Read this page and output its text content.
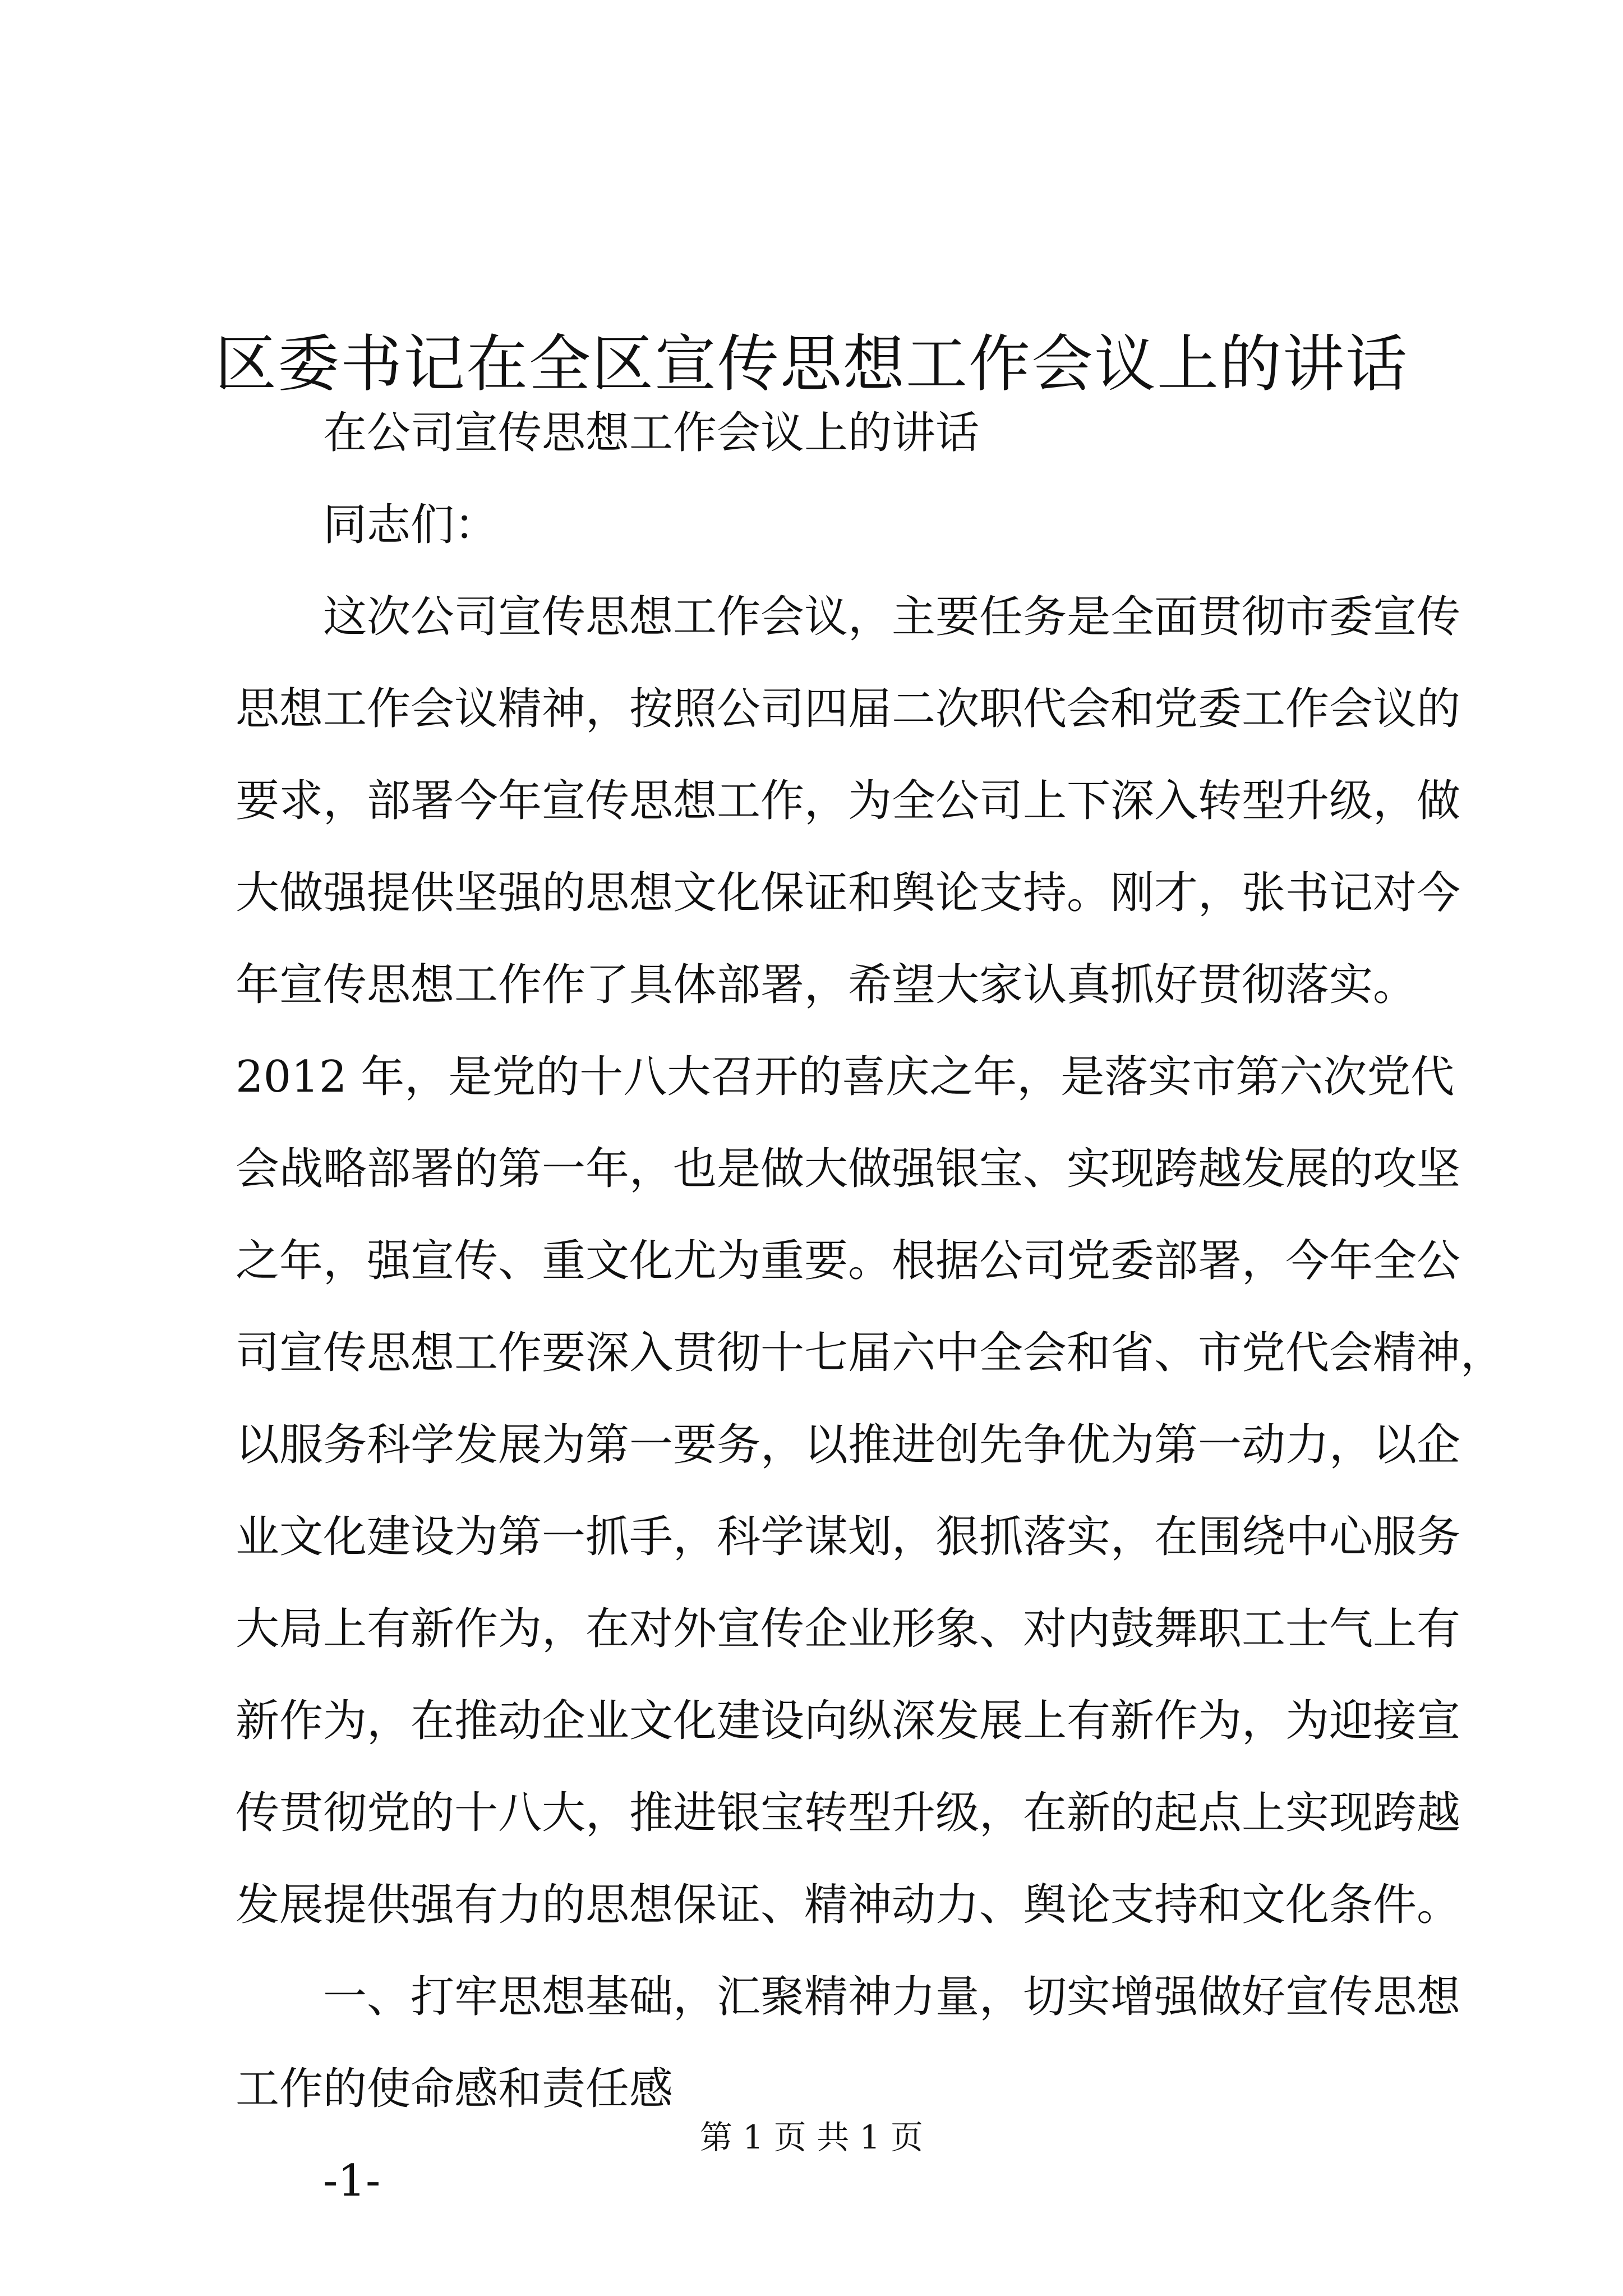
区委书记在全区宣传思想工作会议上的讲话
在公司宣传思想工作会议上的讲话
同志们：
这次公司宣传思想工作会议，主要任务是全面贯彻市委宣传
思想工作会议精神，按照公司四届二次职代会和党委工作会议的
要求，部署今年宣传思想工作，为全公司上下深入转型升级，做
大做强提供坚强的思想文化保证和舆论支持。刚才，张书记对今
年宣传思想工作作了具体部署，希望大家认真抓好贯彻落实。
2012 年，是党的十八大召开的喜庆之年，是落实市第六次党代
会战略部署的第一年，也是做大做强银宝、实现跨越发展的攻坚
之年，强宣传、重文化尤为重要。根据公司党委部署，今年全公
司宣传思想工作要深入贯彻十七届六中全会和省、市党代会精神，
以服务科学发展为第一要务，以推进创先争优为第一动力，以企
业文化建设为第一抓手，科学谋划，狠抓落实，在围绕中心服务
大局上有新作为，在对外宣传企业形象、对内鼓舞职工士气上有
新作为，在推动企业文化建设向纵深发展上有新作为，为迎接宣
传贯彻党的十八大，推进银宝转型升级，在新的起点上实现跨越
发展提供强有力的思想保证、精神动力、舆论支持和文化条件。
一、打牢思想基础，汇聚精神力量，切实增强做好宣传思想
工作的使命感和责任感
-1-
第 1 页 共 1 页
